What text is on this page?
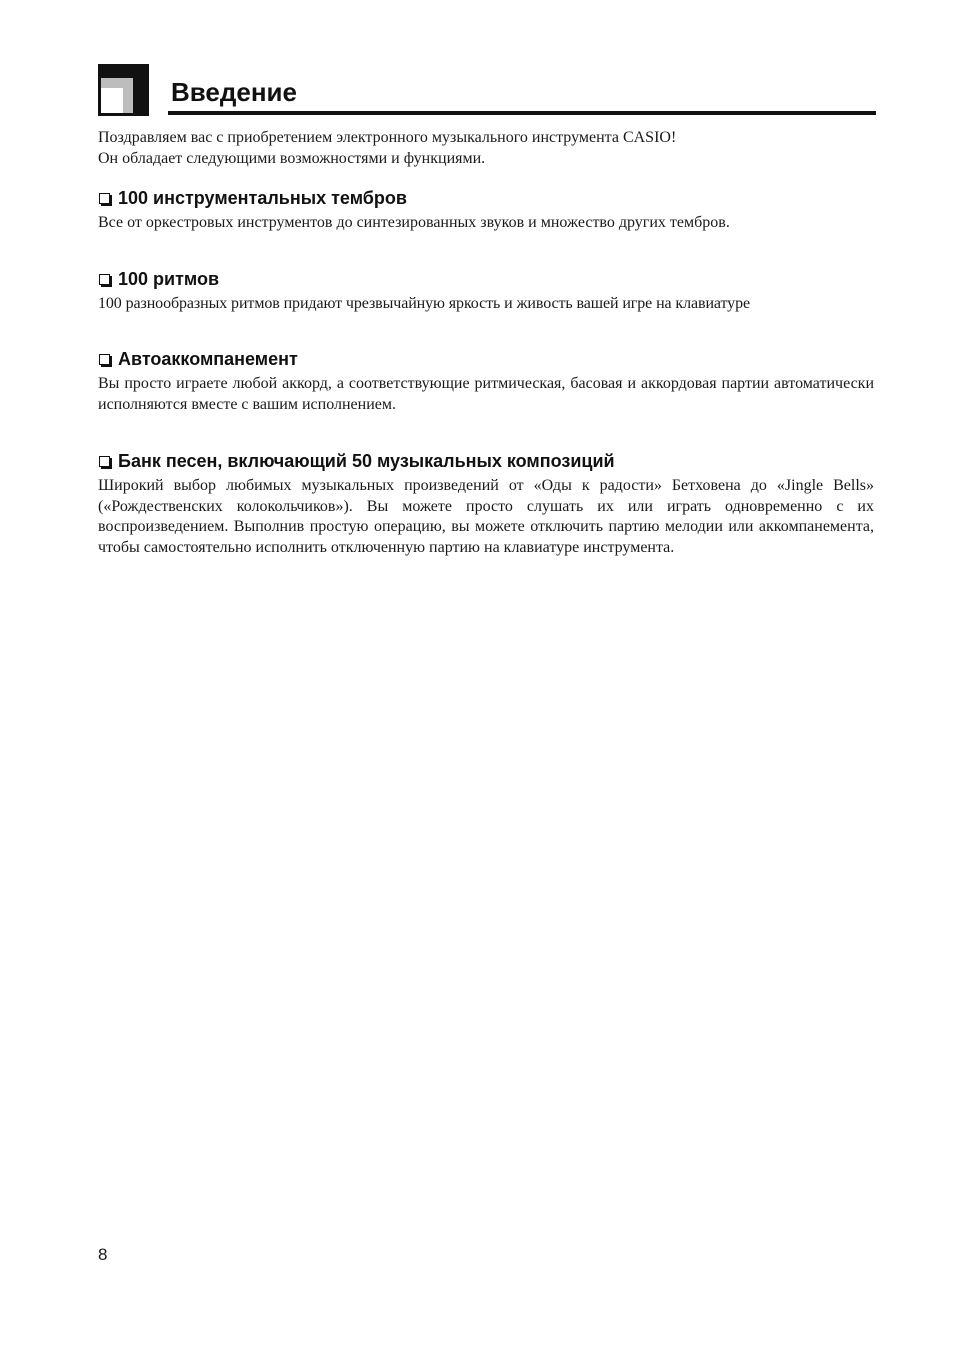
Введение

Поздравляем вас с приобретением электронного музыкального инструмента CASIO!
Он обладает следующими возможностями и функциями.

100 инструментальных тембров

Все от оркестровых инструментов до синтезированных звуков и множество других тембров.

100 ритмов

100 разнообразных ритмов придают чрезвычайную яркость и живость вашей игре на клавиатуре

Автоаккомпанемент

Вы просто играете любой аккорд, а соответствующие ритмическая, басовая и аккордовая партии автоматически исполняются вместе с вашим исполнением.

Банк песен, включающий 50 музыкальных композиций

Широкий выбор любимых музыкальных произведений от «Оды к радости» Бетховена до «Jingle Bells» («Рождественских колокольчиков»). Вы можете просто слушать их или играть одновременно с их воспроизведением. Выполнив простую операцию, вы можете отключить партию мелодии или аккомпанемента, чтобы самостоятельно исполнить отключенную партию на клавиатуре инструмента.

8
